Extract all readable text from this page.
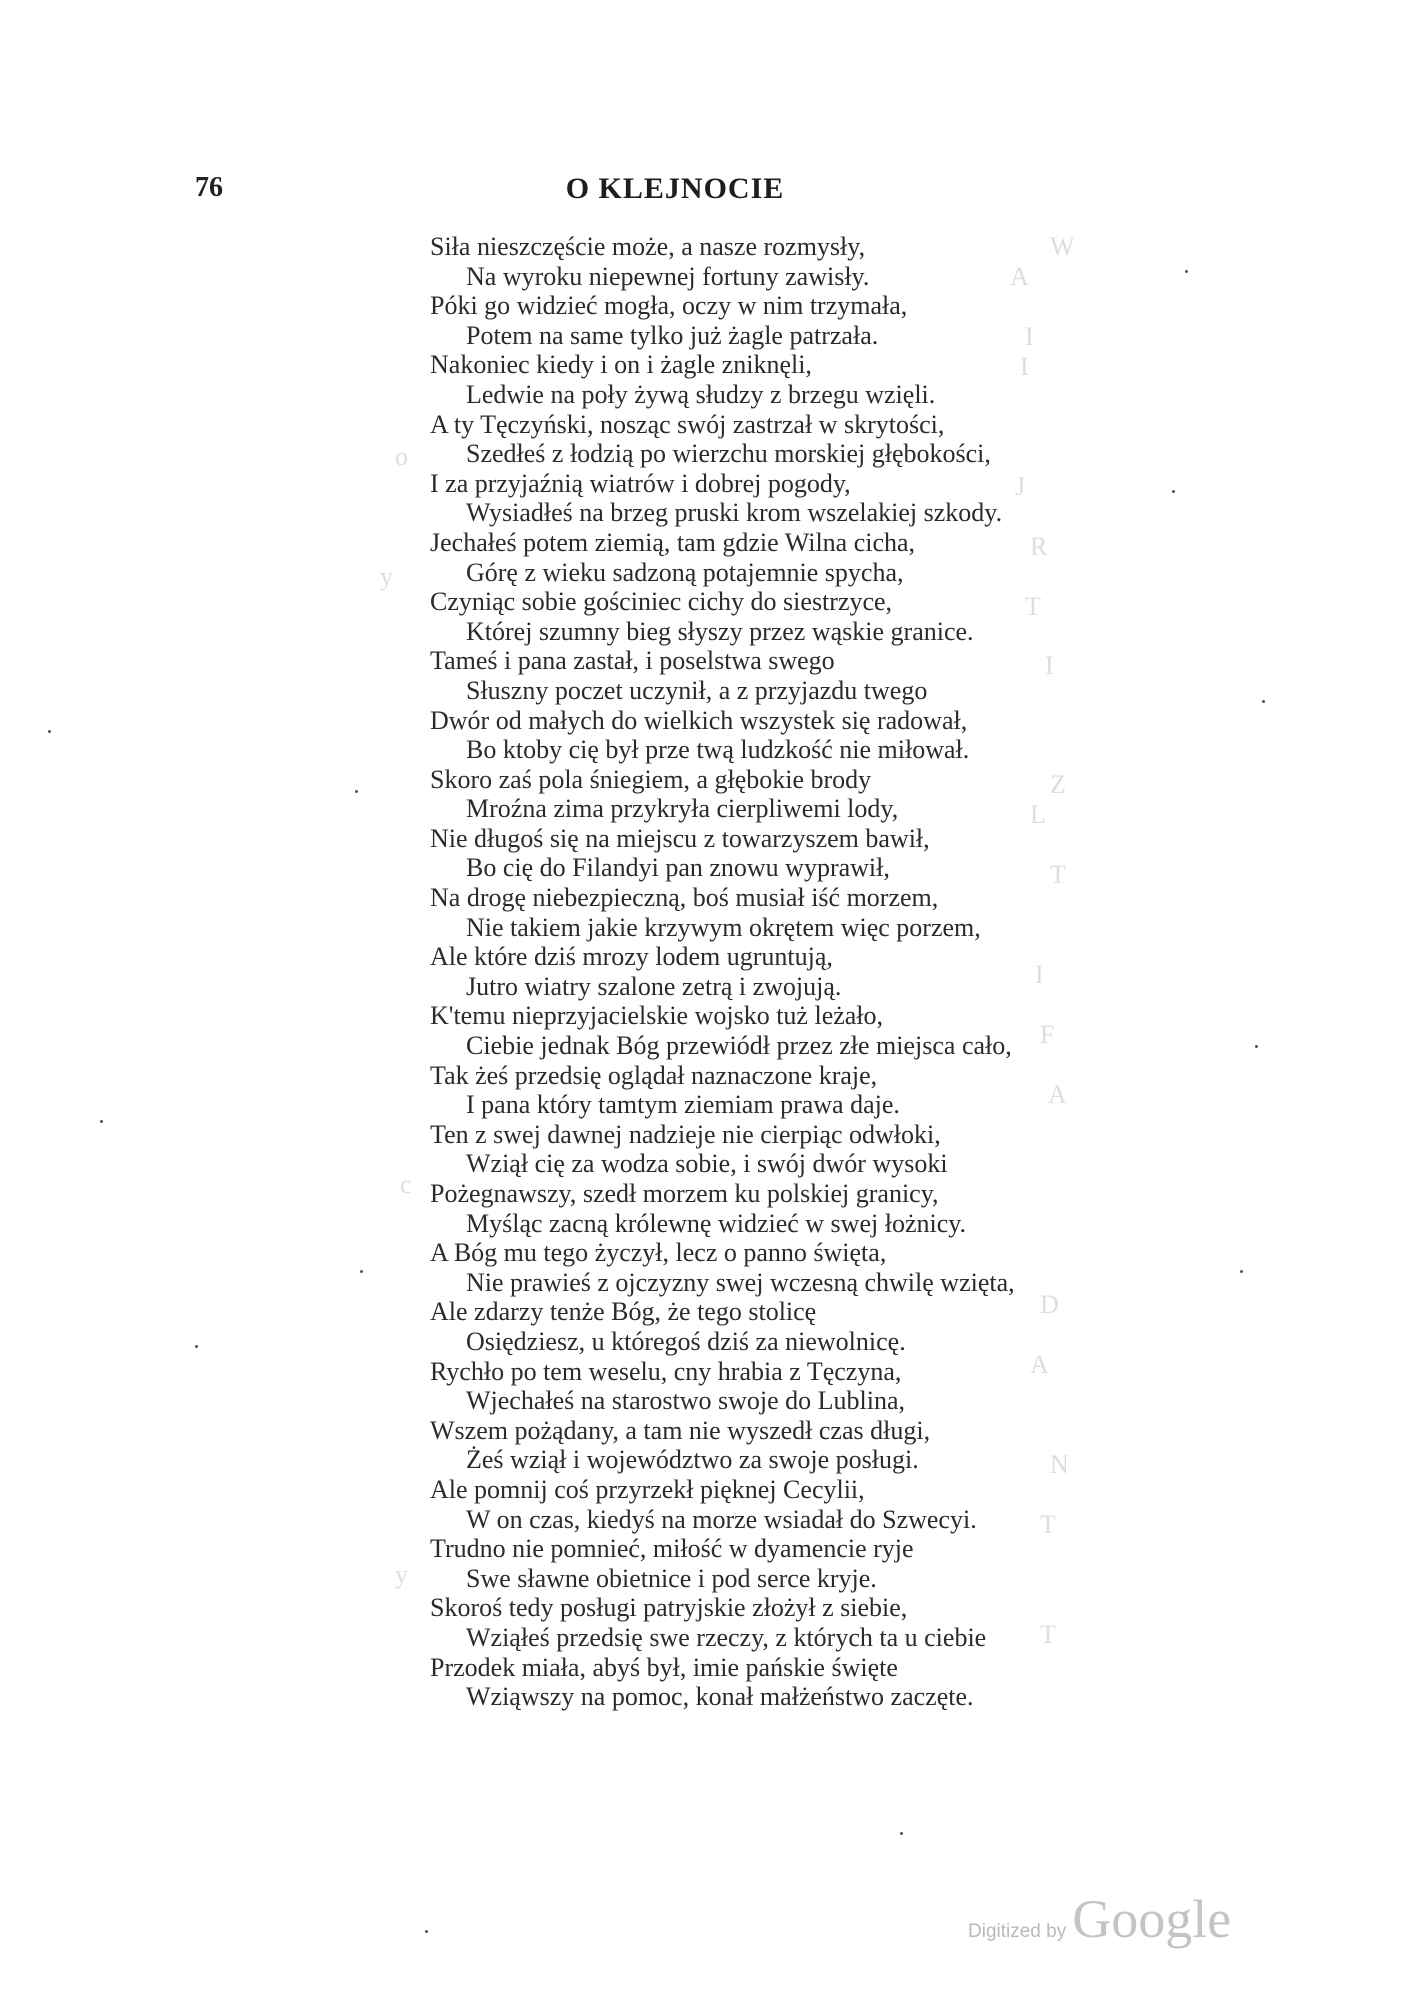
76	O KLEJNOCIE
W
A
I
I
o
J
R
y
T
I
Z
L
T
I
F
A
c
D
A
N
T
y
T
Siła nieszczęście może, a nasze rozmysły,
Na wyroku niepewnej fortuny zawisły.
Póki go widzieć mogła, oczy w nim trzymała,
Potem na same tylko już żagle patrzała.
Nakoniec kiedy i on i żagle zniknęli,
Ledwie na poły żywą słudzy z brzegu wzięli.
A ty Tęczyński, nosząc swój zastrzał w skrytości,
Szedłeś z łodzią po wierzchu morskiej głębokości,
I za przyjaźnią wiatrów i dobrej pogody,
Wysiadłeś na brzeg pruski krom wszelakiej szkody.
Jechałeś potem ziemią, tam gdzie Wilna cicha,
Górę z wieku sadzoną potajemnie spycha,
Czyniąc sobie gościniec cichy do siestrzyce,
Której szumny bieg słyszy przez wąskie granice.
Tameś i pana zastał, i poselstwa swego
Słuszny poczet uczynił, a z przyjazdu twego
Dwór od małych do wielkich wszystek się radował,
Bo ktoby cię był prze twą ludzkość nie miłował.
Skoro zaś pola śniegiem, a głębokie brody
Mroźna zima przykryła cierpliwemi lody,
Nie długoś się na miejscu z towarzyszem bawił,
Bo cię do Filandyi pan znowu wyprawił,
Na drogę niebezpieczną, boś musiał iść morzem,
Nie takiem jakie krzywym okrętem więc porzem,
Ale które dziś mrozy lodem ugruntują,
Jutro wiatry szalone zetrą i zwojują.
K'temu nieprzyjacielskie wojsko tuż leżało,
Ciebie jednak Bóg przewiódł przez złe miejsca cało,
Tak żeś przedsię oglądał naznaczone kraje,
I pana który tamtym ziemiam prawa daje.
Ten z swej dawnej nadzieje nie cierpiąc odwłoki,
Wziął cię za wodza sobie, i swój dwór wysoki
Pożegnawszy, szedł morzem ku polskiej granicy,
Myśląc zacną królewnę widzieć w swej łożnicy.
A Bóg mu tego życzył, lecz o panno święta,
Nie prawieś z ojczyzny swej wczesną chwilę wzięta,
Ale zdarzy tenże Bóg, że tego stolicę
Osiędziesz, u któregoś dziś za niewolnicę.
Rychło po tem weselu, cny hrabia z Tęczyna,
Wjechałeś na starostwo swoje do Lublina,
Wszem pożądany, a tam nie wyszedł czas długi,
Żeś wziął i województwo za swoje posługi.
Ale pomnij coś przyrzekł pięknej Cecylii,
W on czas, kiedyś na morze wsiadał do Szwecyi.
Trudno nie pomnieć, miłość w dyamencie ryje
Swe sławne obietnice i pod serce kryje.
Skoroś tedy posługi patryjskie złożył z siebie,
Wziąłeś przedsię swe rzeczy, z których ta u ciebie
Przodek miała, abyś był, imie pańskie święte
Wziąwszy na pomoc, konał małżeństwo zaczęte.
Digitized by Google
